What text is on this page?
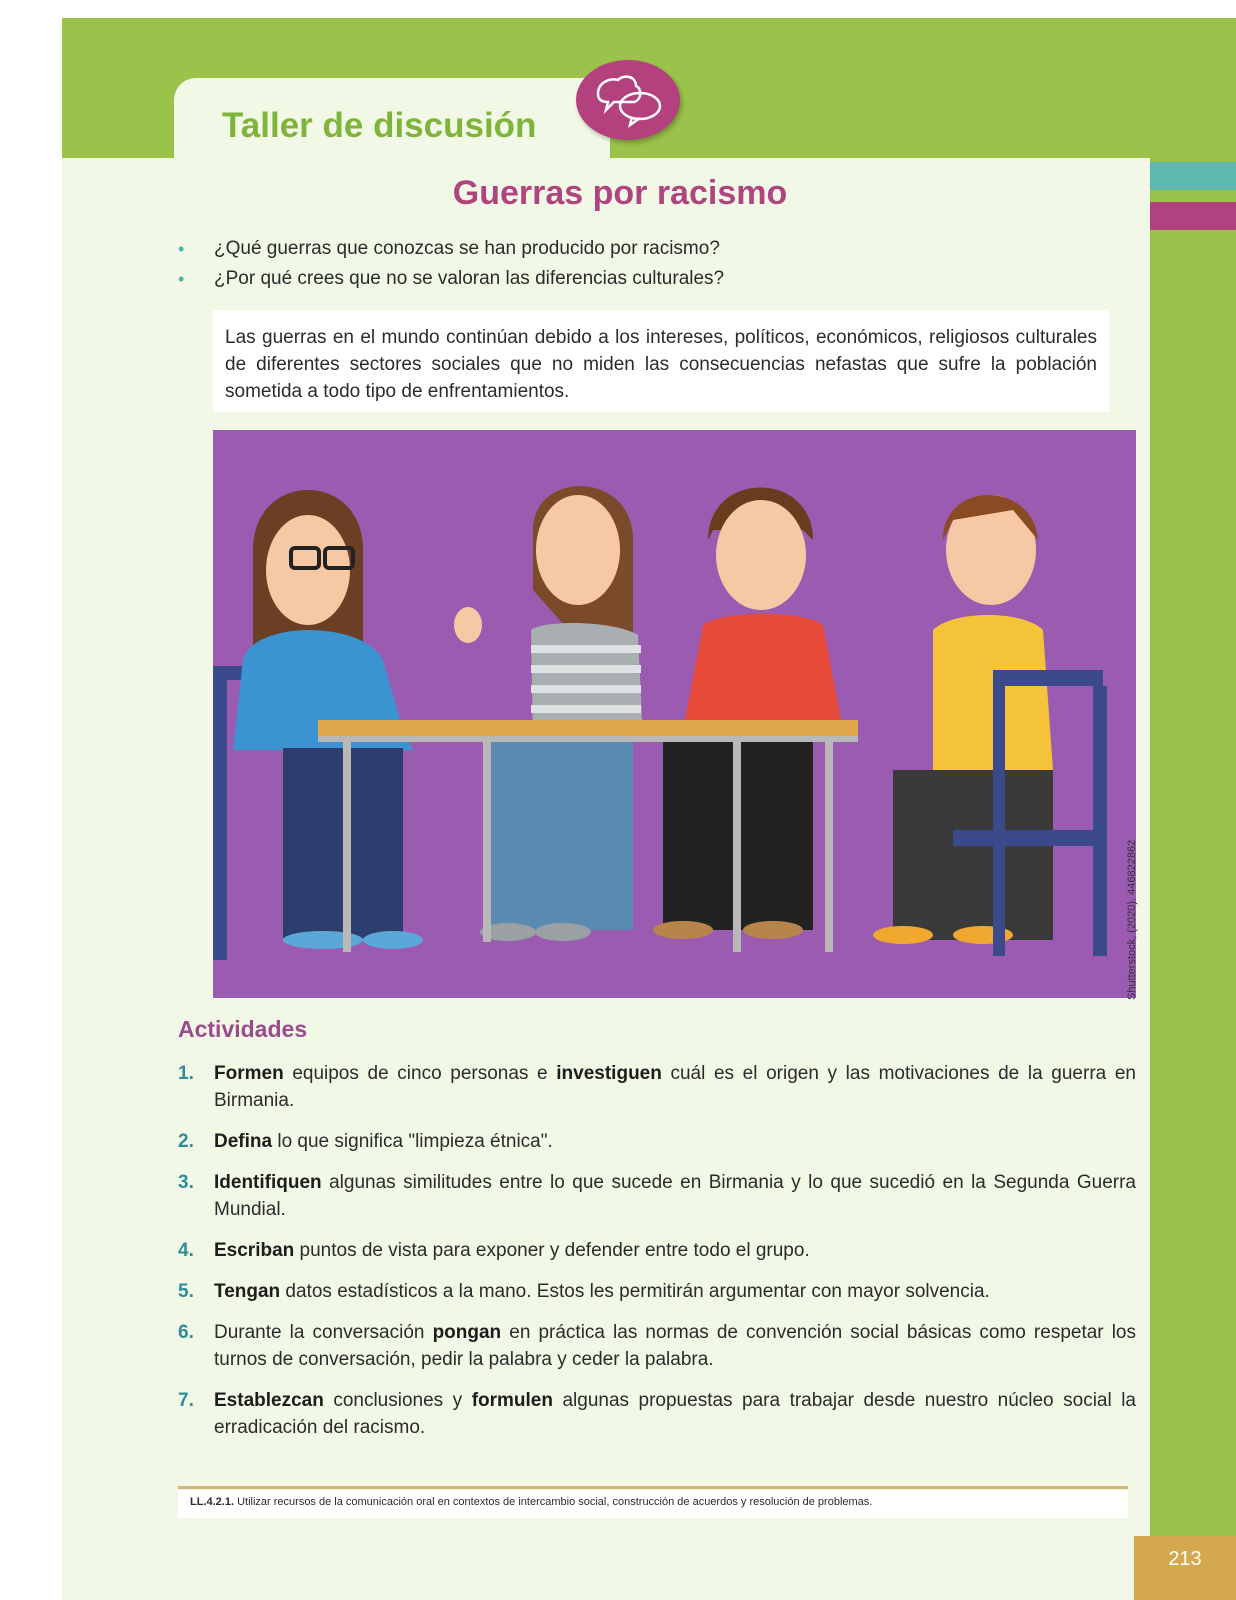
213
Taller de discusión
Guerras por racismo
• ¿Qué guerras que conozcas se han producido por racismo?
• ¿Por qué crees que no se valoran las diferencias culturales?
Las guerras en el mundo continúan debido a los intereses, políticos, económicos, religiosos culturales de diferentes sectores sociales que no miden las consecuencias nefastas que sufre la población sometida a todo tipo de enfrentamientos.
Shutterstock, (2020). 446822862
Actividades
1. Formen equipos de cinco personas e investiguen cuál es el origen y las motivaciones de la guerra en Birmania.
2. Defina lo que significa "limpieza étnica".
3. Identifiquen algunas similitudes entre lo que sucede en Birmania y lo que sucedió en la Segunda Guerra Mundial.
4. Escriban puntos de vista para exponer y defender entre todo el grupo.
5. Tengan datos estadísticos a la mano. Estos les permitirán argumentar con mayor solvencia.
6. Durante la conversación pongan en práctica las normas de convención social básicas como respetar los turnos de conversación, pedir la palabra y ceder la palabra.
7. Establezcan conclusiones y formulen algunas propuestas para trabajar desde nuestro núcleo social la erradicación del racismo.
LL.4.2.1. Utilizar recursos de la comunicación oral en contextos de intercambio social, construcción de acuerdos y resolución de problemas.
